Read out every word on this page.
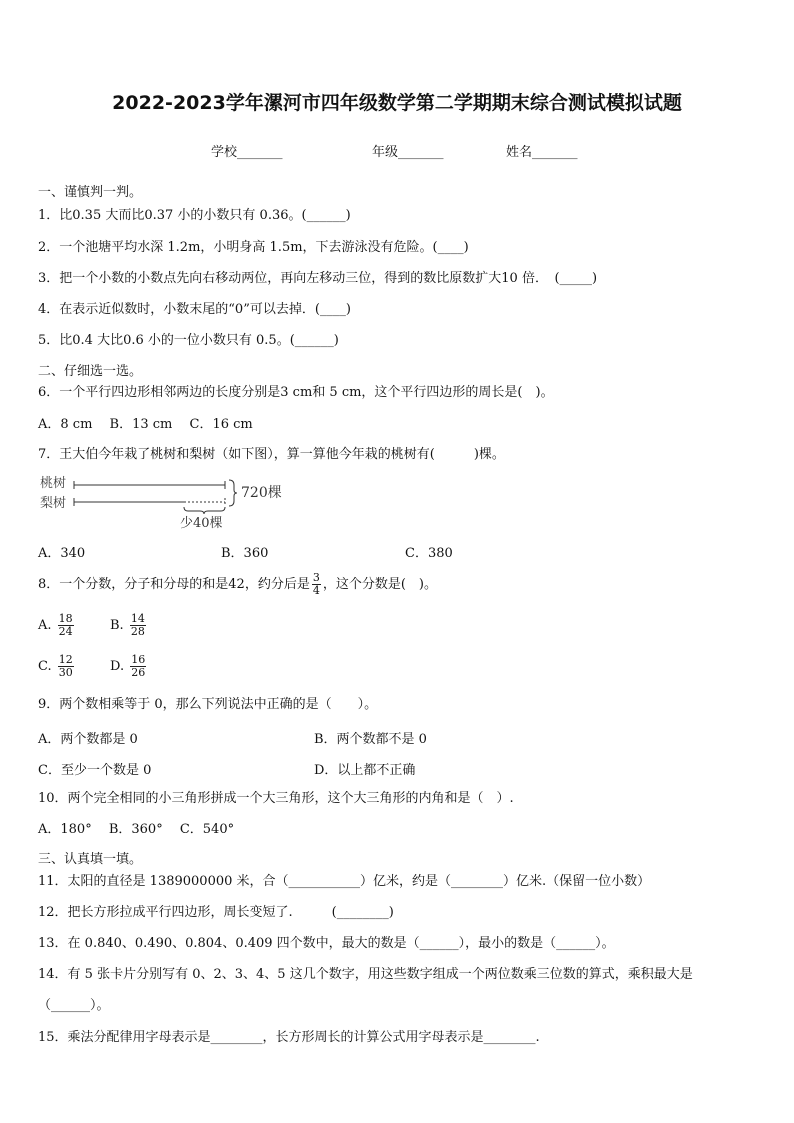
2022-2023学年漯河市四年级数学第二学期期末综合测试模拟试题
学校_______	年级_______	姓名_______
一、谨慎判一判。
1．比0.35 大而比0.37 小的小数只有 0.36。(______)
2．一个池塘平均水深 1.2m，小明身高 1.5m，下去游泳没有危险。(____)
3．把一个小数的小数点先向右移动两位，再向左移动三位，得到的数比原数扩大10 倍．　(_____)
4．在表示近似数时，小数末尾的“0”可以去掉．(____)
5．比0.4 大比0.6 小的一位小数只有 0.5。(______)
二、仔细选一选。
6．一个平行四边形相邻两边的长度分别是3 cm和 5 cm，这个平行四边形的周长是(　)。
A．8 cm　 B．13 cm　 C．16 cm
7．王大伯今年栽了桃树和梨树（如下图），算一算他今年栽的桃树有(　　　)棵。
桃树
梨树
720棵
少40棵
A．340	B．360	C．380
8．一个分数，分子和分母的和是42，约分后是 $\frac{3}{4}$ ，这个分数是(　)。
A. $\frac{18}{24}$	B. $\frac{14}{28}$
C. $\frac{12}{30}$	D. $\frac{16}{26}$
9．两个数相乘等于 0，那么下列说法中正确的是（　　）。
A．两个数都是 0	B．两个数都不是 0
C．至少一个数是 0	D．以上都不正确
10．两个完全相同的小三角形拼成一个大三角形，这个大三角形的内角和是（　）.
A．180°　 B．360°　 C．540°
三、认真填一填。
11．太阳的直径是 1389000000 米，合（___________）亿米，约是（________）亿米.（保留一位小数）
12．把长方形拉成平行四边形，周长变短了.　　　(________)
13．在 0.840、0.490、0.804、0.409 四个数中，最大的数是（______），最小的数是（______）。
14．有 5 张卡片分别写有 0、2、3、4、5 这几个数字，用这些数字组成一个两位数乘三位数的算式，乘积最大是
（______）。
15．乘法分配律用字母表示是________，长方形周长的计算公式用字母表示是________.
